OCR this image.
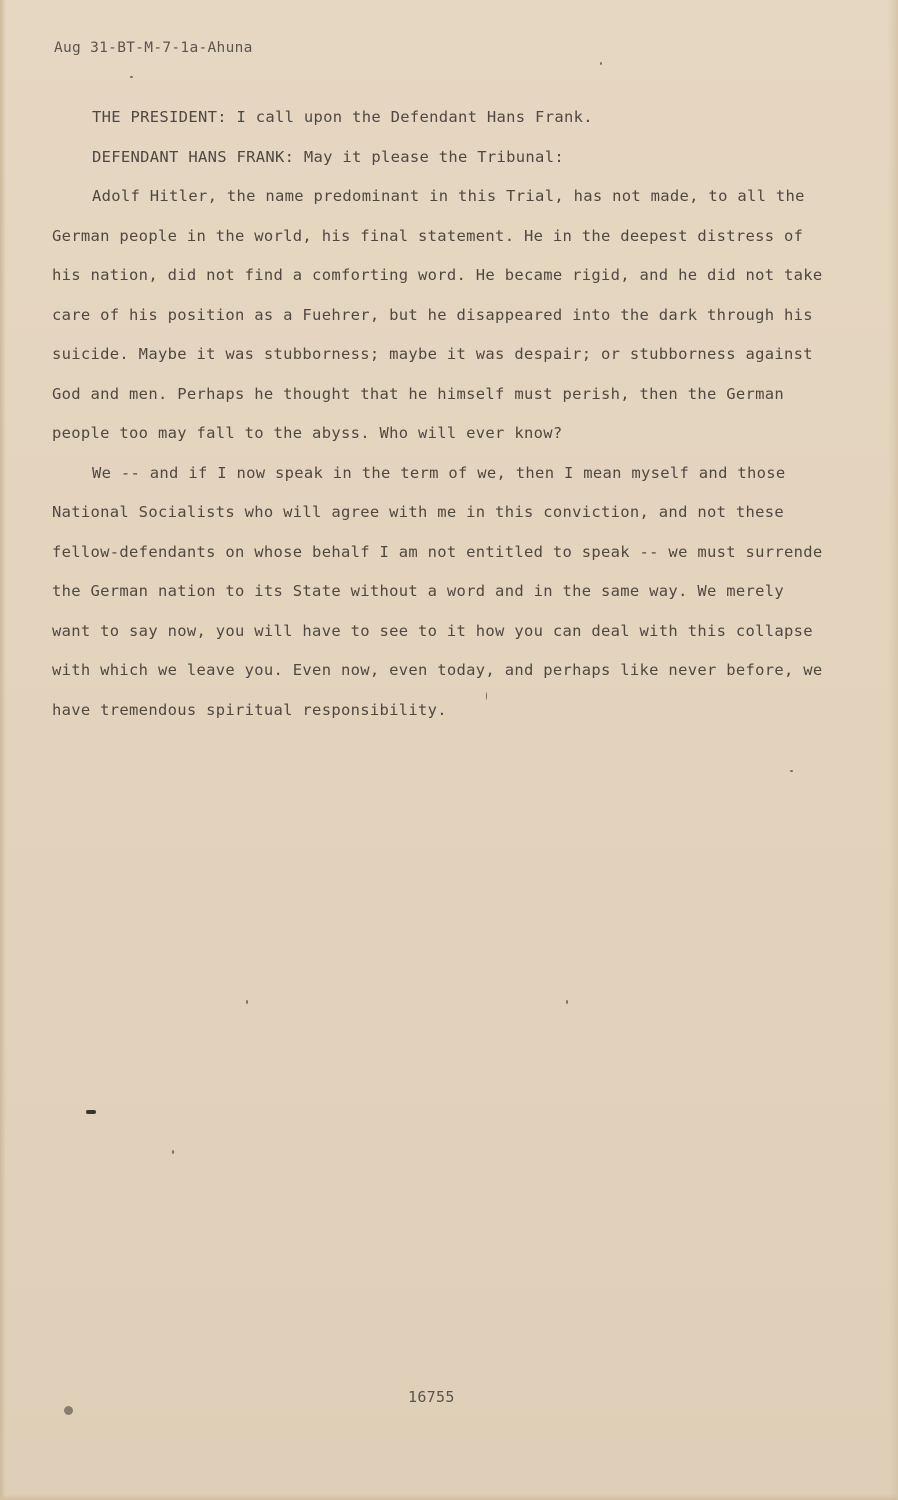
Aug 31-BT-M-7-1a-Ahuna
THE PRESIDENT: I call upon the Defendant Hans Frank.
DEFENDANT HANS FRANK: May it please the Tribunal:
Adolf Hitler, the name predominant in this Trial, has not made, to all the
German people in the world, his final statement. He in the deepest distress of
his nation, did not find a comforting word. He became rigid, and he did not take
care of his position as a Fuehrer, but he disappeared into the dark through his
suicide. Maybe it was stubborness; maybe it was despair; or stubborness against
God and men. Perhaps he thought that he himself must perish, then the German
people too may fall to the abyss. Who will ever know?
We -- and if I now speak in the term of we, then I mean myself and those
National Socialists who will agree with me in this conviction, and not these
fellow-defendants on whose behalf I am not entitled to speak -- we must surrende
the German nation to its State without a word and in the same way. We merely
want to say now, you will have to see to it how you can deal with this collapse
with which we leave you. Even now, even today, and perhaps like never before, we
have tremendous spiritual responsibility.
16755
